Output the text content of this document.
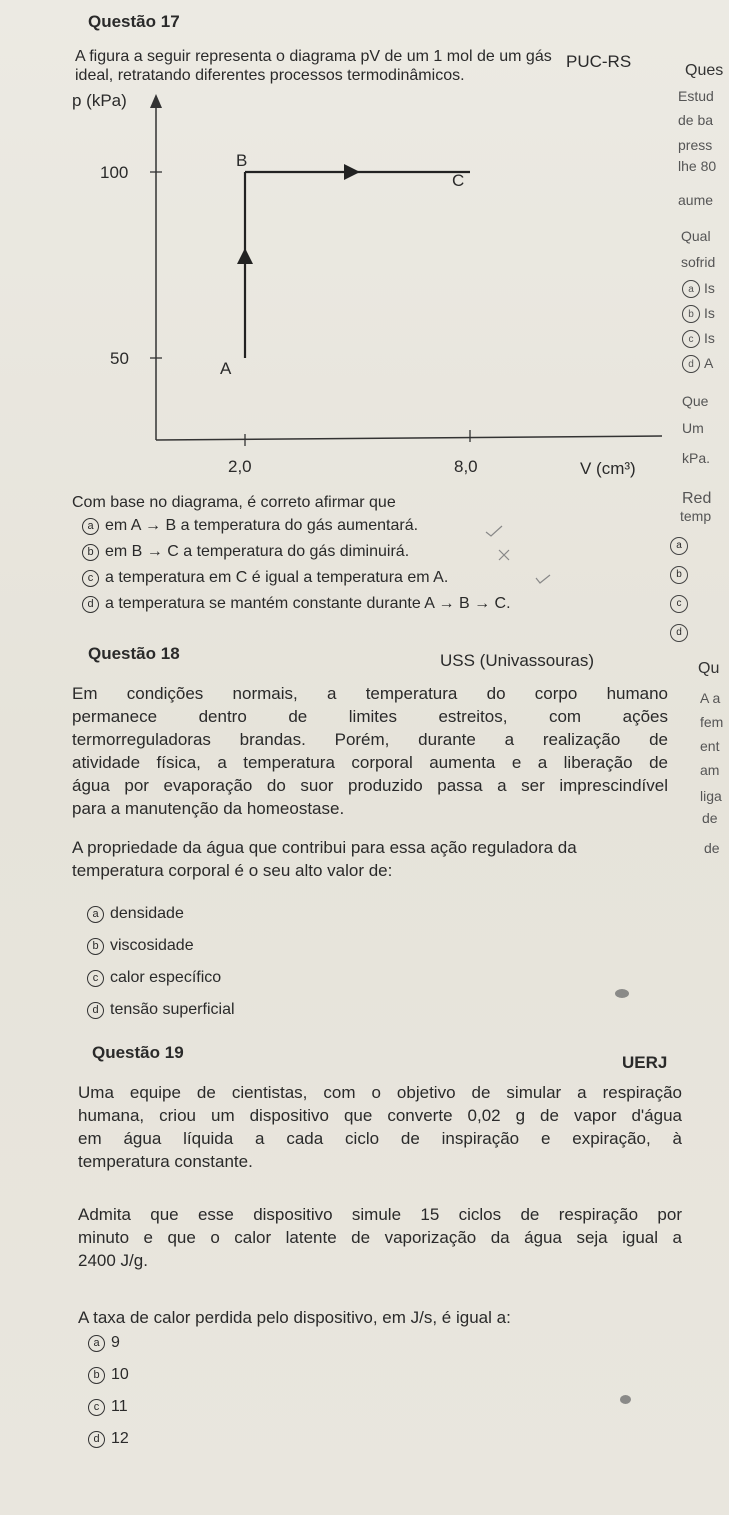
Questão 17
PUC-RS
A figura a seguir representa o diagrama pV de um 1 mol de um gás
ideal, retratando diferentes processos termodinâmicos.
p (kPa)
100
50
2,0	8,0	V (cm³)
A
B
C
Com base no diagrama, é correto afirmar que
a em A → B a temperatura do gás aumentará.
b em B → C a temperatura do gás diminuirá.
c a temperatura em C é igual a temperatura em A.
d a temperatura se mantém constante durante A → B → C.
Questão 18	USS (Univassouras)
Em condições normais, a temperatura do corpo humano
permanece dentro de limites estreitos, com ações
termorreguladoras brandas. Porém, durante a realização de
atividade física, a temperatura corporal aumenta e a liberação de
água por evaporação do suor produzido passa a ser imprescindível
para a manutenção da homeostase.
A propriedade da água que contribui para essa ação reguladora da
temperatura corporal é o seu alto valor de:
a densidade
b viscosidade
c calor específico
d tensão superficial
Questão 19
UERJ
Uma equipe de cientistas, com o objetivo de simular a respiração
humana, criou um dispositivo que converte 0,02 g de vapor d'água
em água líquida a cada ciclo de inspiração e expiração, à
temperatura constante.
Admita que esse dispositivo simule 15 ciclos de respiração por
minuto e que o calor latente de vaporização da água seja igual a
2400 J/g.
A taxa de calor perdida pelo dispositivo, em J/s, é igual a:
a 9
b 10
c 11
d 12
Ques
Estud
de ba
press
lhe 80
aume
Qual
sofrid
a Is
b Is
c Is
d A
Que
Um
kPa.
Red
temp
a
b
c
d
Qu
A a
fem
ent
am
liga
de
de
